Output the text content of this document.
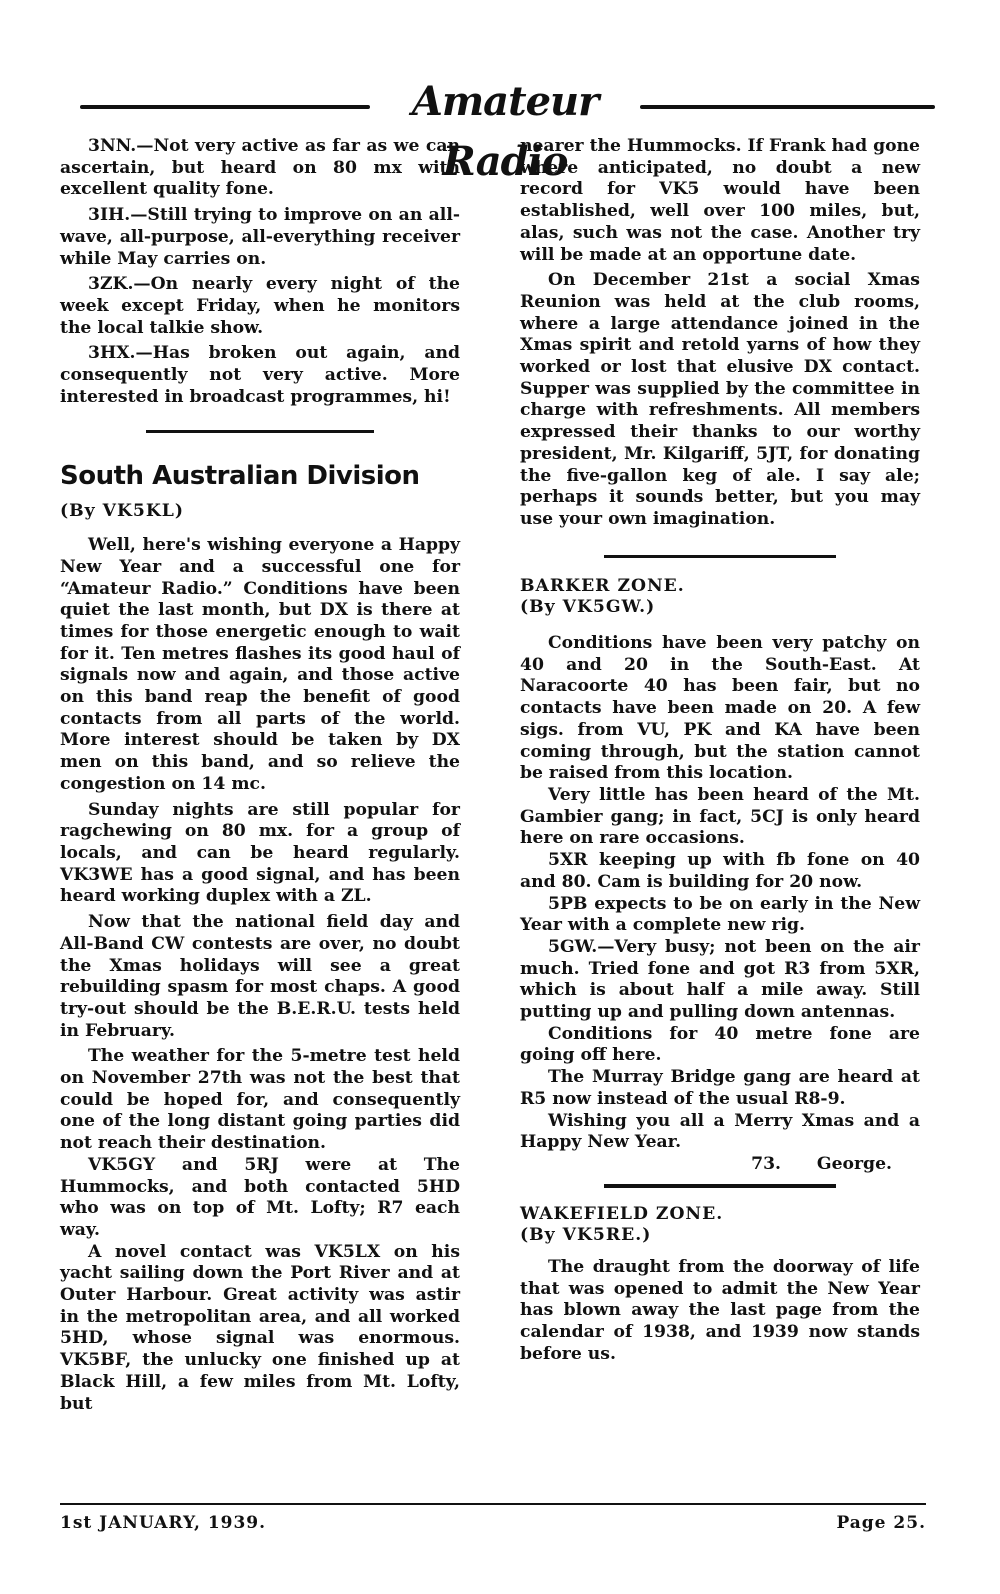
Amateur Radio

3NN.—Not very active as far as we can ascertain, but heard on 80 mx with excellent quality fone.

3IH.—Still trying to improve on an all-wave, all-purpose, all-everything receiver while May carries on.

3ZK.—On nearly every night of the week except Friday, when he monitors the local talkie show.

3HX.—Has broken out again, and consequently not very active. More interested in broadcast programmes, hi!

South Australian Division

(By VK5KL)

Well, here's wishing everyone a Happy New Year and a successful one for “Amateur Radio.” Conditions have been quiet the last month, but DX is there at times for those energetic enough to wait for it. Ten metres flashes its good haul of signals now and again, and those active on this band reap the benefit of good contacts from all parts of the world. More interest should be taken by DX men on this band, and so relieve the congestion on 14 mc.

Sunday nights are still popular for ragchewing on 80 mx. for a group of locals, and can be heard regularly. VK3WE has a good signal, and has been heard working duplex with a ZL.

Now that the national field day and All-Band CW contests are over, no doubt the Xmas holidays will see a great rebuilding spasm for most chaps. A good try-out should be the B.E.R.U. tests held in February.

The weather for the 5-metre test held on November 27th was not the best that could be hoped for, and consequently one of the long distant going parties did not reach their destination.

VK5GY and 5RJ were at The Hummocks, and both contacted 5HD who was on top of Mt. Lofty; R7 each way.

A novel contact was VK5LX on his yacht sailing down the Port River and at Outer Harbour. Great activity was astir in the metropolitan area, and all worked 5HD, whose signal was enormous. VK5BF, the unlucky one finished up at Black Hill, a few miles from Mt. Lofty, but

nearer the Hummocks. If Frank had gone where anticipated, no doubt a new record for VK5 would have been established, well over 100 miles, but, alas, such was not the case. Another try will be made at an opportune date.

On December 21st a social Xmas Reunion was held at the club rooms, where a large attendance joined in the Xmas spirit and retold yarns of how they worked or lost that elusive DX contact. Supper was supplied by the committee in charge with refreshments. All members expressed their thanks to our worthy president, Mr. Kilgariff, 5JT, for donating the five-gallon keg of ale. I say ale; perhaps it sounds better, but you may use your own imagination.

BARKER ZONE.

(By VK5GW.)

Conditions have been very patchy on 40 and 20 in the South-East. At Naracoorte 40 has been fair, but no contacts have been made on 20. A few sigs. from VU, PK and KA have been coming through, but the station cannot be raised from this location.

Very little has been heard of the Mt. Gambier gang; in fact, 5CJ is only heard here on rare occasions.

5XR keeping up with fb fone on 40 and 80. Cam is building for 20 now.

5PB expects to be on early in the New Year with a complete new rig.

5GW.—Very busy; not been on the air much. Tried fone and got R3 from 5XR, which is about half a mile away. Still putting up and pulling down antennas.

Conditions for 40 metre fone are going off here.

The Murray Bridge gang are heard at R5 now instead of the usual R8-9.

Wishing you all a Merry Xmas and a Happy New Year.

73.      George.

WAKEFIELD ZONE.

(By VK5RE.)

The draught from the doorway of life that was opened to admit the New Year has blown away the last page from the calendar of 1938, and 1939 now stands before us.

1st JANUARY, 1939.	Page 25.
